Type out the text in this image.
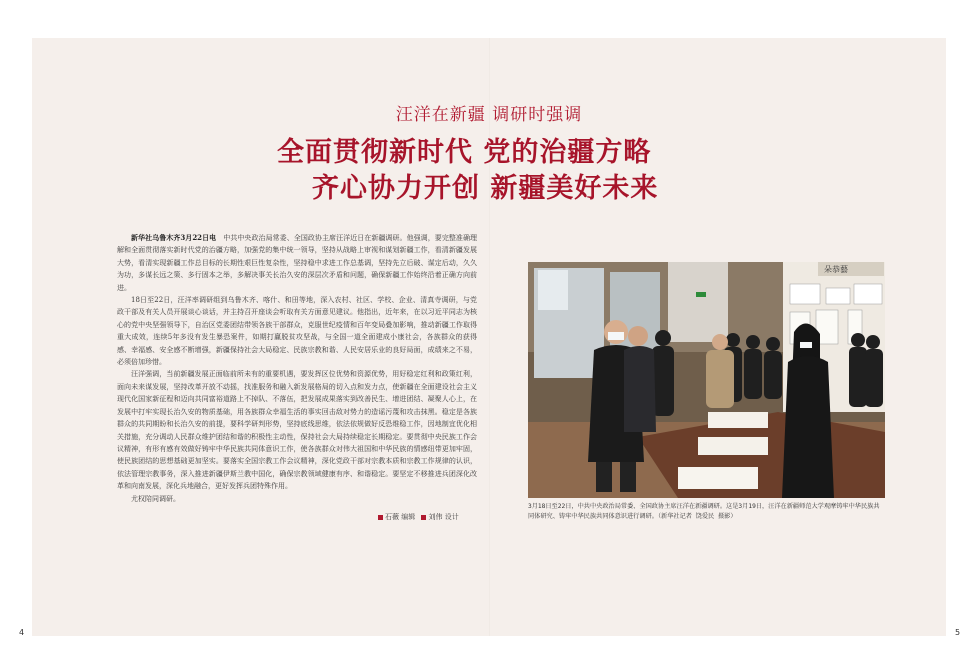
汪洋在新疆 调研时强调
全面贯彻新时代 党的治疆方略
齐心协力开创 新疆美好未来

新华社乌鲁木齐3月22日电　 中共中央政治局常委、全国政协主席汪洋近日在新疆调研。他强调，要完整准确理解和全面贯彻落实新时代党的治疆方略，加强党的集中统一领导，坚持从战略上审视和谋划新疆工作，看清新疆发展大势，看清实现新疆工作总目标的长期性艰巨性复杂性，坚持稳中求进工作总基调，坚持先立后破、谋定后动，久久为功，多谋长远之策、多行固本之举，多解决事关长治久安的深层次矛盾和问题，确保新疆工作始终沿着正确方向前进。

18日至22日，汪洋率调研组到乌鲁木齐、喀什、和田等地，深入农村、社区、学校、企业、清真寺调研，与党政干部及有关人员开展谈心谈话，并主持召开座谈会听取有关方面意见建议。他指出，近年来，在以习近平同志为核心的党中央坚强领导下，自治区党委团结带领各族干部群众，克服世纪疫情和百年变局叠加影响，推动新疆工作取得重大成效，连续5年多没有发生暴恐案件，如期打赢脱贫攻坚战，与全国一道全面建成小康社会，各族群众的获得感、幸福感、安全感不断增强，新疆保持社会大局稳定、民族宗教和谐、人民安居乐业的良好局面，成绩来之不易，必须倍加珍惜。

汪洋强调，当前新疆发展正面临前所未有的重要机遇，要发挥区位优势和资源优势，用好稳定红利和政策红利，面向未来谋发展，坚持改革开放不动摇，找准服务和融入新发展格局的切入点和发力点，使新疆在全面建设社会主义现代化国家新征程和迈向共同富裕道路上不掉队、不落伍，把发展成果落实到改善民生、增进团结、凝聚人心上，在发展中打牢实现长治久安的物质基础，用各族群众幸福生活的事实回击敌对势力的造谣污蔑和攻击抹黑。稳定是各族群众的共同期盼和长治久安的前提，要科学研判形势，坚持底线思维，依法依规做好反恐维稳工作，因地制宜优化相关措施，充分调动人民群众维护团结和谐的积极性主动性，保持社会大局持续稳定长期稳定。要贯彻中央民族工作会议精神，有形有感有效做好铸牢中华民族共同体意识工作，使各族群众对伟大祖国和中华民族的情感纽带更加牢固，使民族团结的思想基础更加坚实。要落实全国宗教工作会议精神，深化党政干部对宗教本质和宗教工作规律的认识，依法管理宗教事务，深入推进新疆伊斯兰教中国化，确保宗教领域健康有序、和谐稳定。要坚定不移推进兵团深化改革和向南发展，深化兵地融合，更好发挥兵团特殊作用。

尤权陪同调研。

石薇 编辑 刘伟 设计
朵恭藝
3月18日至22日，中共中央政治局常委、全国政协主席汪洋在新疆调研。这是3月19日，汪洋在新疆师范大学观摩铸牢中华民族共同体研究、铸牢中华民族共同体意识进行调研。（新华社记者 饶爱民 摄影）
4	5
